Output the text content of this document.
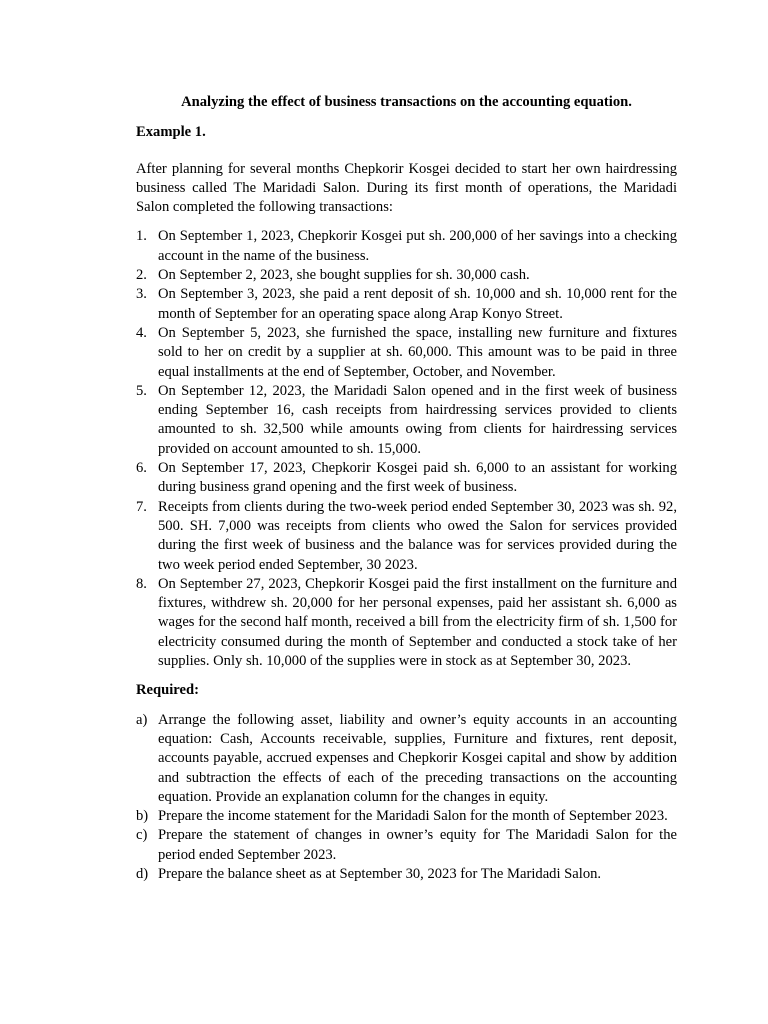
Analyzing the effect of business transactions on the accounting equation.
Example 1.
After planning for several months Chepkorir Kosgei decided to start her own hairdressing business called The Maridadi Salon. During its first month of operations, the Maridadi Salon completed the following transactions:
1. On September 1, 2023, Chepkorir Kosgei put sh. 200,000 of her savings into a checking account in the name of the business.
2. On September 2, 2023, she bought supplies for sh. 30,000 cash.
3. On September 3, 2023, she paid a rent deposit of sh. 10,000 and sh. 10,000 rent for the month of September for an operating space along Arap Konyo Street.
4. On September 5, 2023, she furnished the space, installing new furniture and fixtures sold to her on credit by a supplier at sh. 60,000. This amount was to be paid in three equal installments at the end of September, October, and November.
5. On September 12, 2023, the Maridadi Salon opened and in the first week of business ending September 16, cash receipts from hairdressing services provided to clients amounted to sh. 32,500 while amounts owing from clients for hairdressing services provided on account amounted to sh. 15,000.
6. On September 17, 2023, Chepkorir Kosgei paid sh. 6,000 to an assistant for working during business grand opening and the first week of business.
7. Receipts from clients during the two-week period ended September 30, 2023 was sh. 92, 500. SH. 7,000 was receipts from clients who owed the Salon for services provided during the first week of business and the balance was for services provided during the two week period ended September, 30 2023.
8. On September 27, 2023, Chepkorir Kosgei paid the first installment on the furniture and fixtures, withdrew sh. 20,000 for her personal expenses, paid her assistant sh. 6,000 as wages for the second half month, received a bill from the electricity firm of sh. 1,500 for electricity consumed during the month of September and conducted a stock take of her supplies. Only sh. 10,000 of the supplies were in stock as at September 30, 2023.
Required:
a) Arrange the following asset, liability and owner’s equity accounts in an accounting equation: Cash, Accounts receivable, supplies, Furniture and fixtures, rent deposit, accounts payable, accrued expenses and Chepkorir Kosgei capital and show by addition and subtraction the effects of each of the preceding transactions on the accounting equation. Provide an explanation column for the changes in equity.
b) Prepare the income statement for the Maridadi Salon for the month of September 2023.
c) Prepare the statement of changes in owner’s equity for The Maridadi Salon for the period ended September 2023.
d) Prepare the balance sheet as at September 30, 2023 for The Maridadi Salon.
